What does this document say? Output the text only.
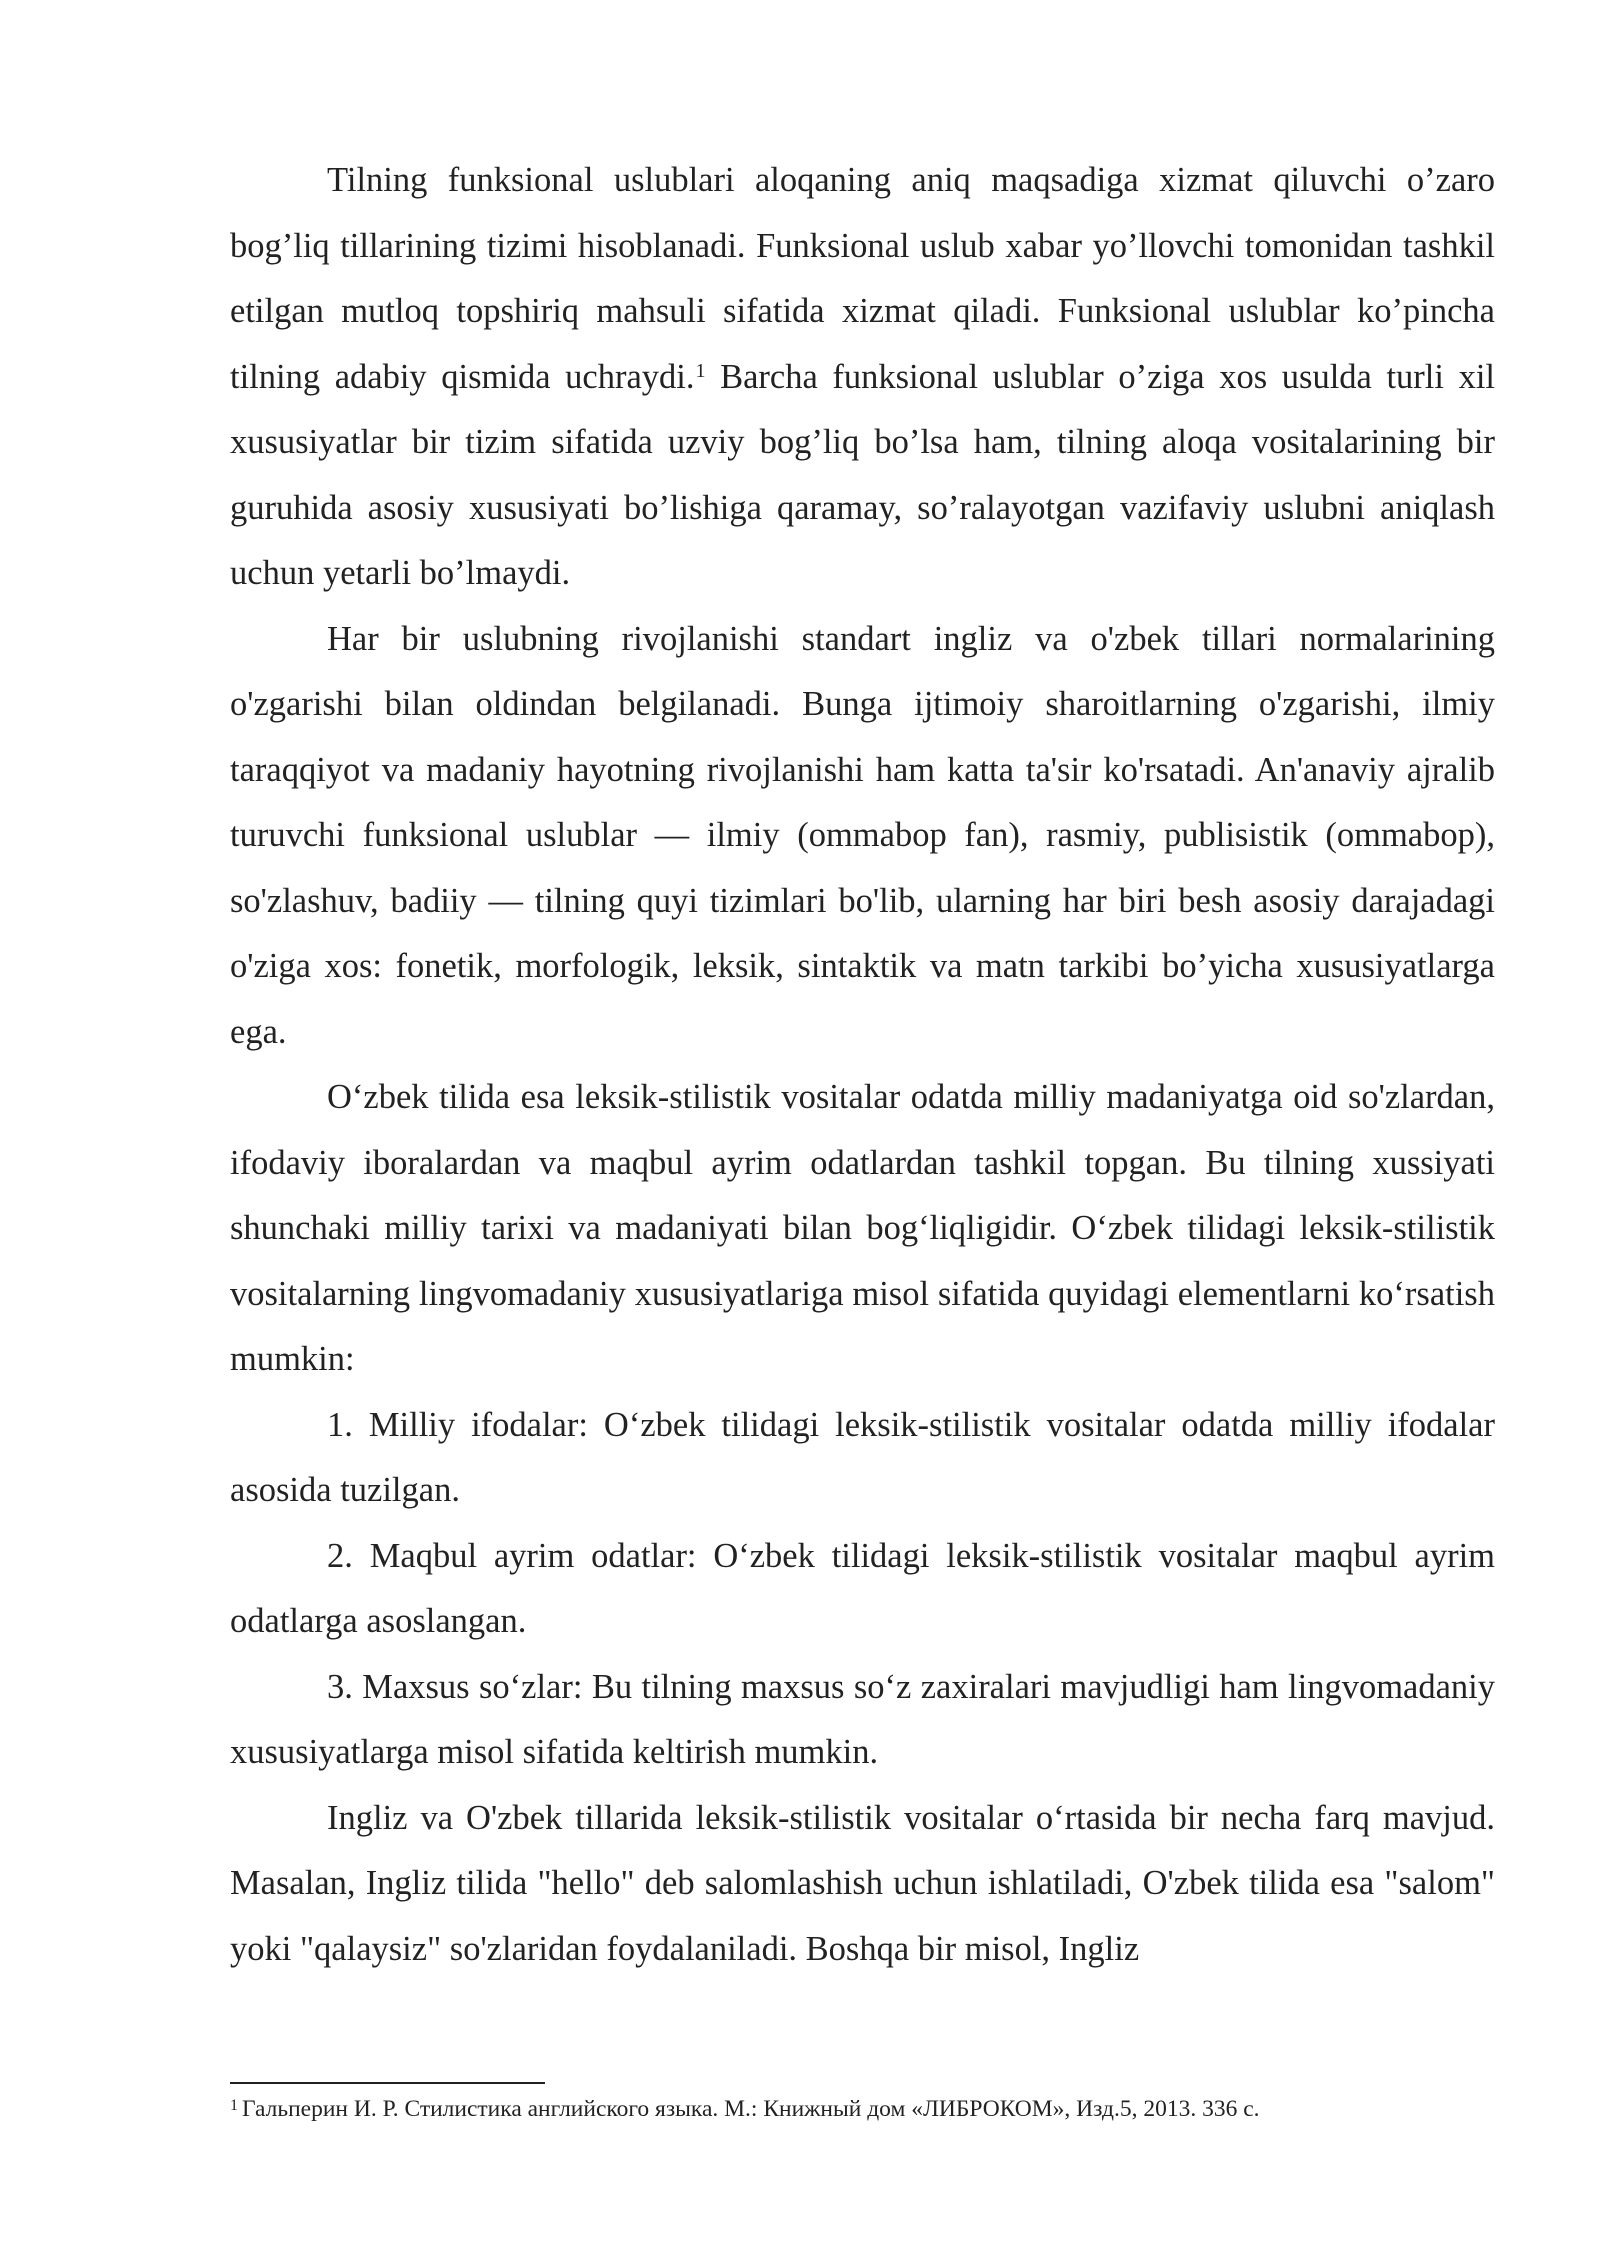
Tilning funksional uslublari aloqaning aniq maqsadiga xizmat qiluvchi o’zaro bog’liq tillarining tizimi hisoblanadi. Funksional uslub xabar yo’llovchi tomonidan tashkil etilgan mutloq topshiriq mahsuli sifatida xizmat qiladi. Funksional uslublar ko’pincha tilning adabiy qismida uchraydi.$^1$ Barcha funksional uslublar o’ziga xos usulda turli xil xususiyatlar bir tizim sifatida uzviy bog’liq bo’lsa ham, tilning aloqa vositalarining bir guruhida asosiy xususiyati bo’lishiga qaramay, so’ralayotgan vazifaviy uslubni aniqlash uchun yetarli bo’lmaydi.

Har bir uslubning rivojlanishi standart ingliz va o'zbek tillari normalarining o'zgarishi bilan oldindan belgilanadi. Bunga ijtimoiy sharoitlarning o'zgarishi, ilmiy taraqqiyot va madaniy hayotning rivojlanishi ham katta ta'sir ko'rsatadi. An'anaviy ajralib turuvchi funksional uslublar — ilmiy (ommabop fan), rasmiy, publisistik (ommabop), so'zlashuv, badiiy — tilning quyi tizimlari bo'lib, ularning har biri besh asosiy darajadagi o'ziga xos: fonetik, morfologik, leksik, sintaktik va matn tarkibi bo’yicha xususiyatlarga ega.

O‘zbek tilida esa leksik-stilistik vositalar odatda milliy madaniyatga oid so'zlardan, ifodaviy iboralardan va maqbul ayrim odatlardan tashkil topgan. Bu tilning xussiyati shunchaki milliy tarixi va madaniyati bilan bog‘liqligidir. O‘zbek tilidagi leksik-stilistik vositalarning lingvomadaniy xususiyatlariga misol sifatida quyidagi elementlarni ko‘rsatish mumkin:

1. Milliy ifodalar: O‘zbek tilidagi leksik-stilistik vositalar odatda milliy ifodalar asosida tuzilgan.

2. Maqbul ayrim odatlar: O‘zbek tilidagi leksik-stilistik vositalar maqbul ayrim odatlarga asoslangan.

3. Maxsus so‘zlar: Bu tilning maxsus so‘z zaxiralari mavjudligi ham lingvomadaniy xususiyatlarga misol sifatida keltirish mumkin.

Ingliz va O'zbek tillarida leksik-stilistik vositalar o‘rtasida bir necha farq mavjud. Masalan, Ingliz tilida "hello" deb salomlashish uchun ishlatiladi, O'zbek tilida esa "salom" yoki "qalaysiz" so'zlaridan foydalaniladi. Boshqa bir misol, Ingliz

$^1$ Гальперин И. Р. Стилистика английского языка. М.: Книжный дом «ЛИБРОКОМ», Изд.5, 2013. 336 с.
